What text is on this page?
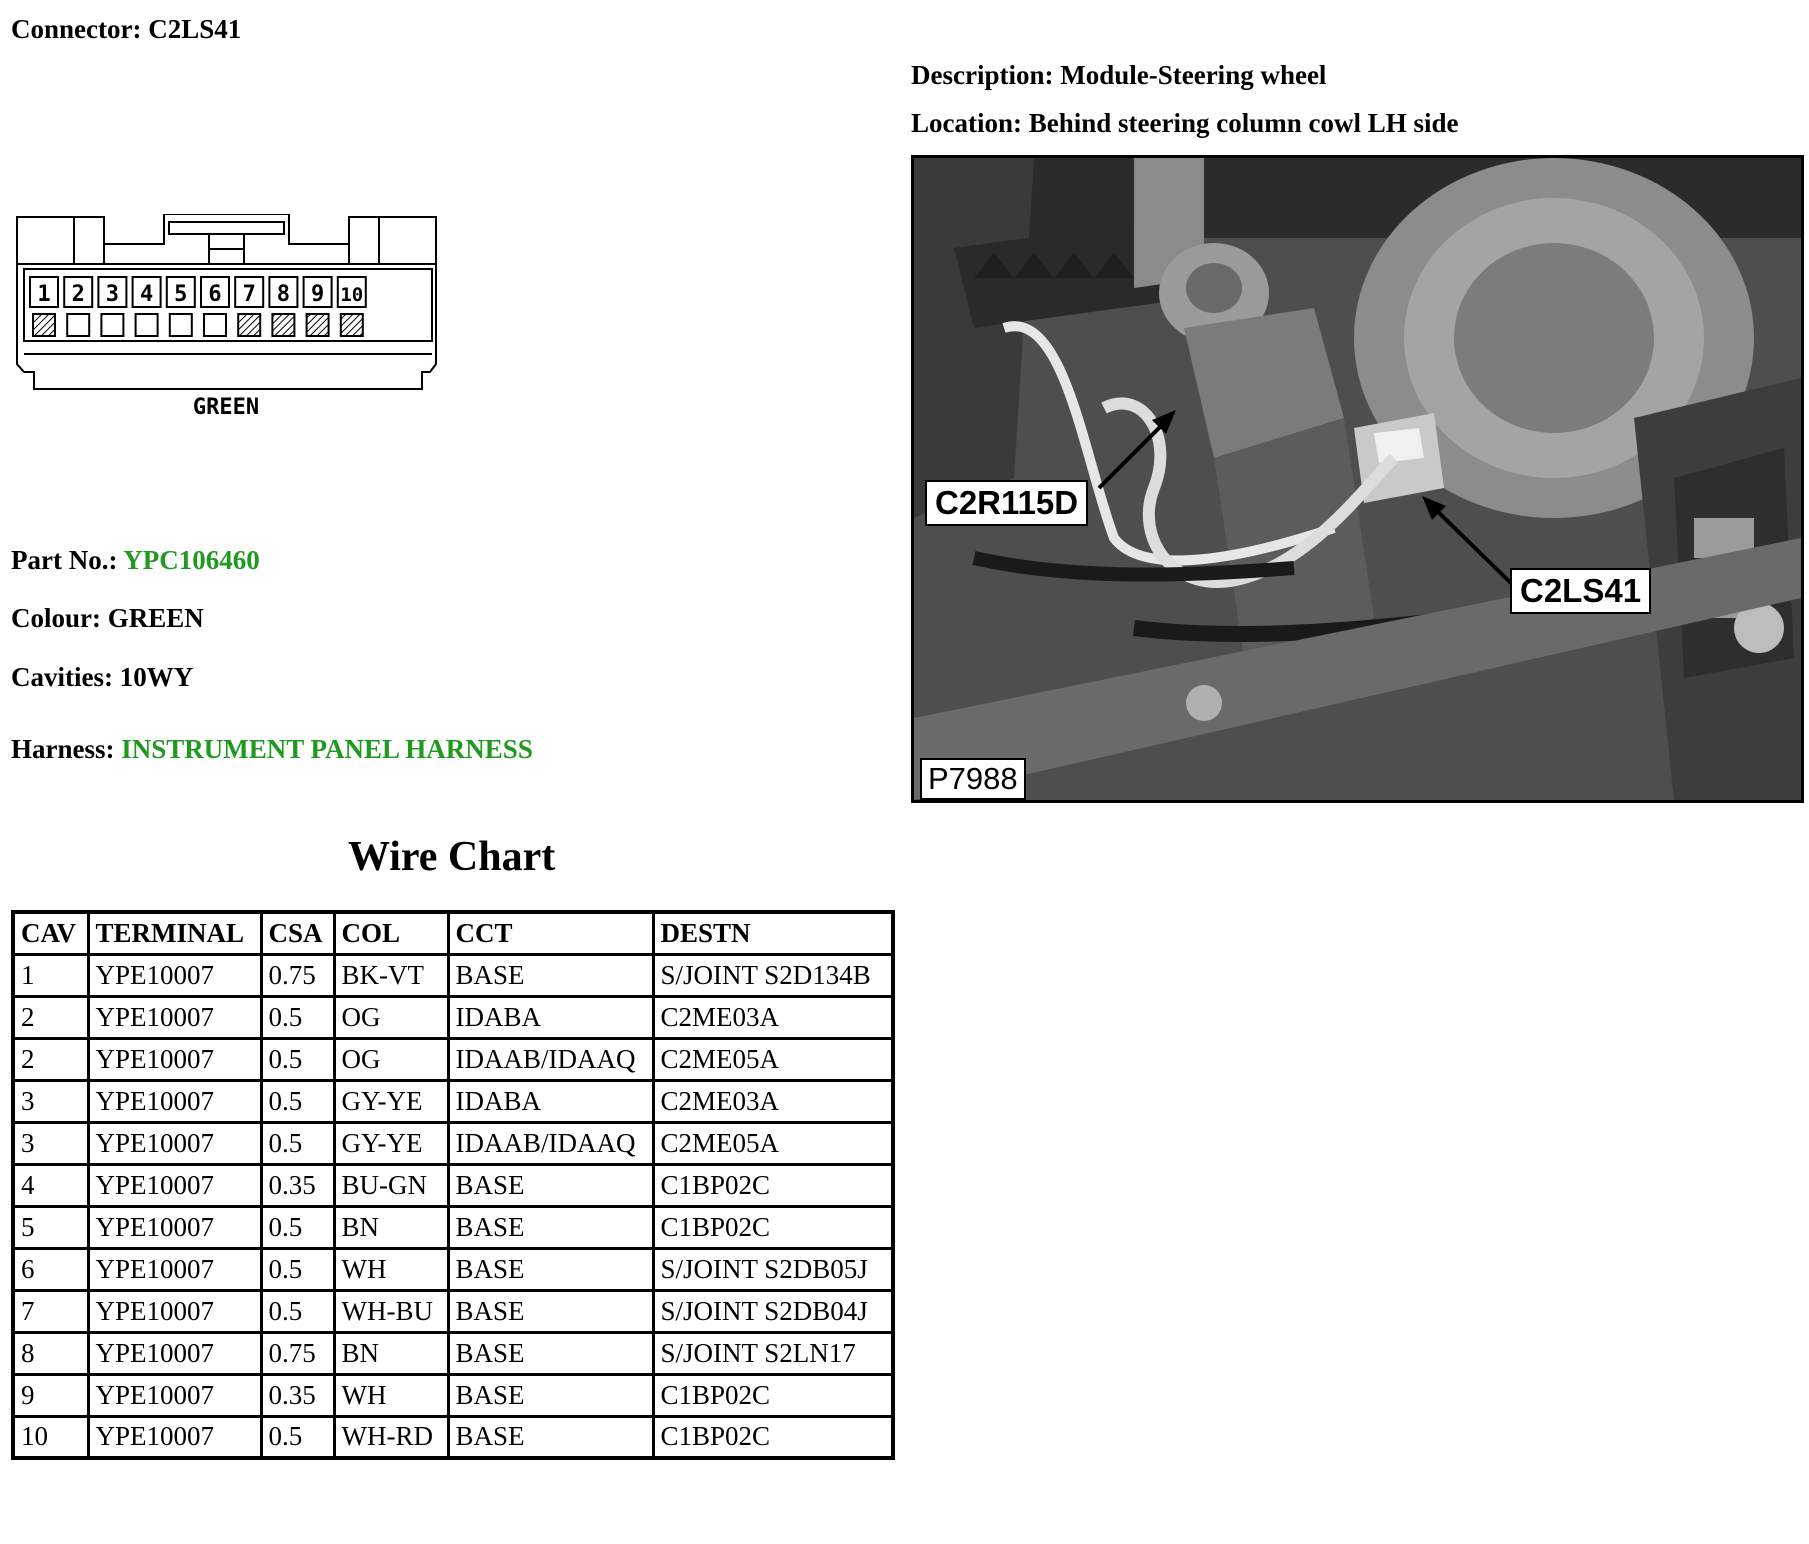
Connector: C2LS41
Description: Module-Steering wheel
Location: Behind steering column cowl LH side
1 2 3 4 5 6 7 8 9 10
GREEN
C2R115D
C2LS41
P7988
Part No.: YPC106460
Colour: GREEN
Cavities: 10WY
Harness: INSTRUMENT PANEL HARNESS
Wire Chart
CAV	TERMINAL	CSA	COL	CCT	DESTN
1	YPE10007	0.75	BK-VT	BASE	S/JOINT S2D134B
2	YPE10007	0.5	OG	IDABA	C2ME03A
2	YPE10007	0.5	OG	IDAAB/IDAAQ	C2ME05A
3	YPE10007	0.5	GY-YE	IDABA	C2ME03A
3	YPE10007	0.5	GY-YE	IDAAB/IDAAQ	C2ME05A
4	YPE10007	0.35	BU-GN	BASE	C1BP02C
5	YPE10007	0.5	BN	BASE	C1BP02C
6	YPE10007	0.5	WH	BASE	S/JOINT S2DB05J
7	YPE10007	0.5	WH-BU	BASE	S/JOINT S2DB04J
8	YPE10007	0.75	BN	BASE	S/JOINT S2LN17
9	YPE10007	0.35	WH	BASE	C1BP02C
10	YPE10007	0.5	WH-RD	BASE	C1BP02C
